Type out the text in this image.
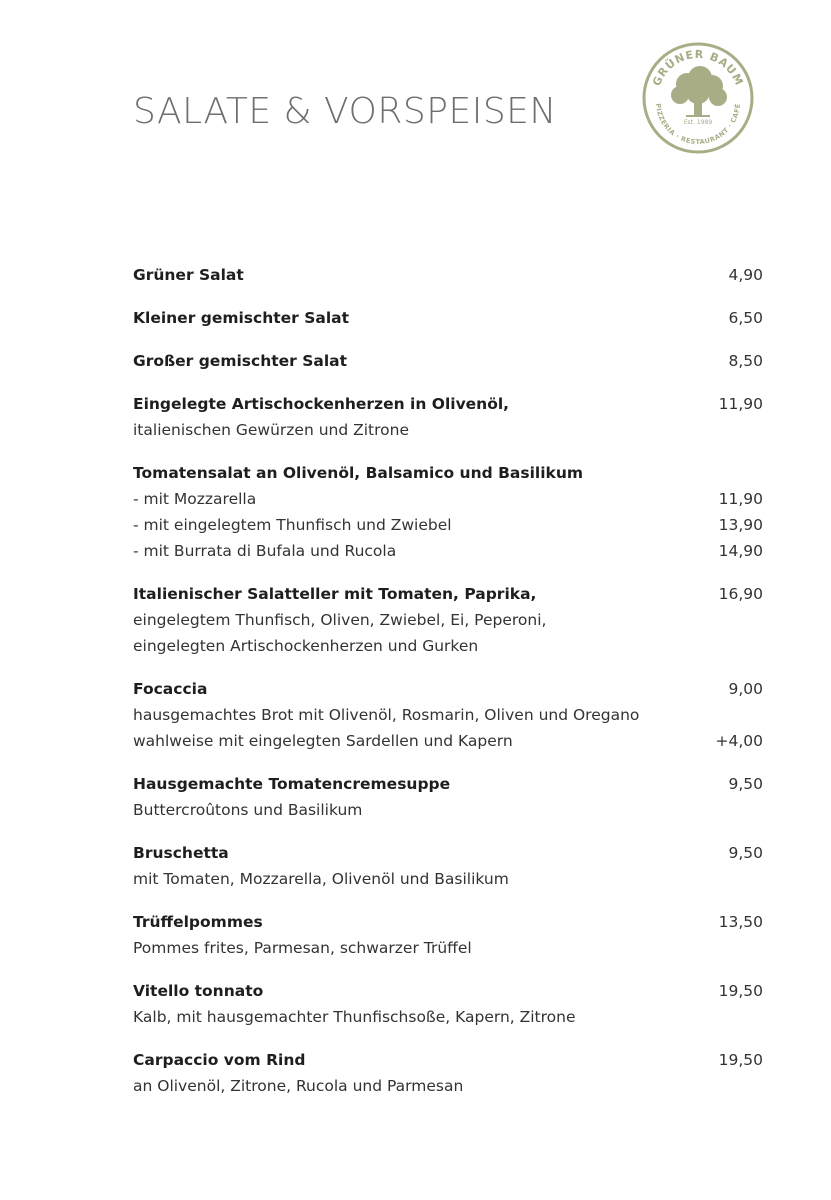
SALATE & VORSPEISEN
GRÜNER BAUM
PIZZERIA · RESTAURANT · CAFÉ
Est. 1989
Grüner Salat	4,90
Kleiner gemischter Salat	6,50
Großer gemischter Salat	8,50
Eingelegte Artischockenherzen in Olivenöl,	11,90
italienischen Gewürzen und Zitrone
Tomatensalat an Olivenöl, Balsamico und Basilikum
- mit Mozzarella	11,90
- mit eingelegtem Thunfisch und Zwiebel	13,90
- mit Burrata di Bufala und Rucola	14,90
Italienischer Salatteller mit Tomaten, Paprika,	16,90
eingelegtem Thunfisch, Oliven, Zwiebel, Ei, Peperoni,
eingelegten Artischockenherzen und Gurken
Focaccia	9,00
hausgemachtes Brot mit Olivenöl, Rosmarin, Oliven und Oregano
wahlweise mit eingelegten Sardellen und Kapern	+4,00
Hausgemachte Tomatencremesuppe	9,50
Buttercroûtons und Basilikum
Bruschetta	9,50
mit Tomaten, Mozzarella, Olivenöl und Basilikum
Trüffelpommes	13,50
Pommes frites, Parmesan, schwarzer Trüffel
Vitello tonnato	19,50
Kalb, mit hausgemachter Thunfischsoße, Kapern, Zitrone
Carpaccio vom Rind	19,50
an Olivenöl, Zitrone, Rucola und Parmesan
